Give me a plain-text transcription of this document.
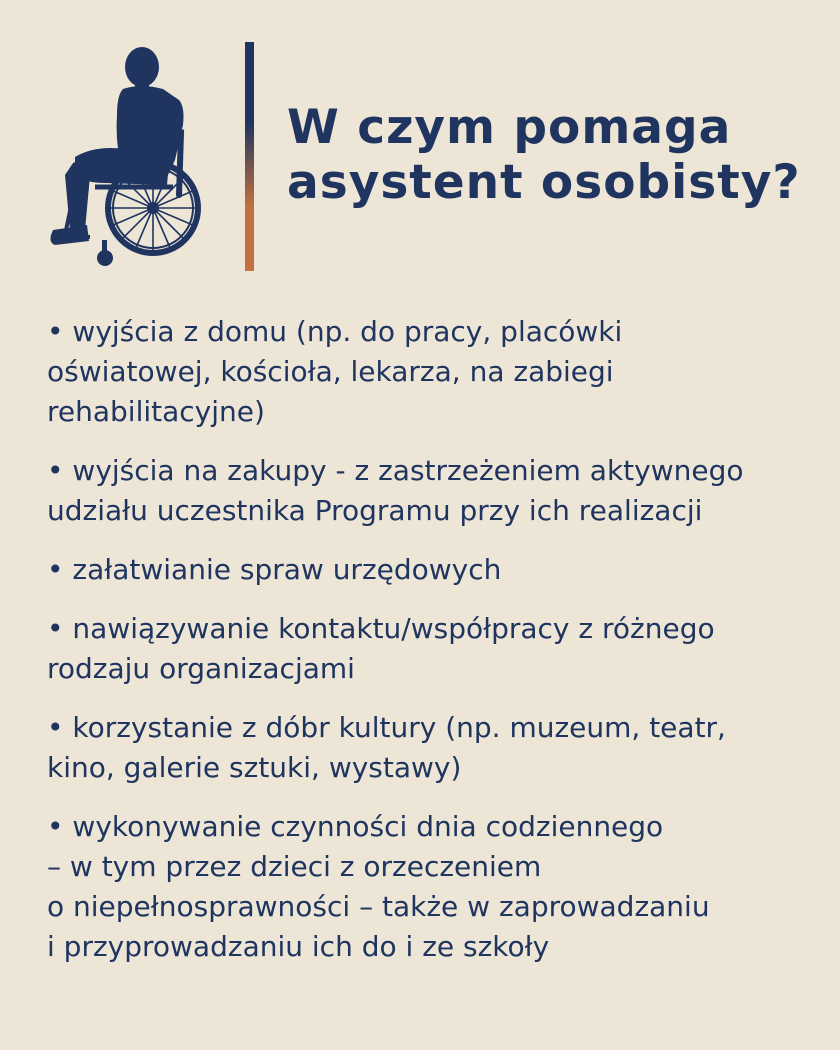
W czym pomaga
asystent osobisty?
• wyjścia z domu (np. do pracy, placówki
oświatowej, kościoła, lekarza, na zabiegi
rehabilitacyjne)
• wyjścia na zakupy - z zastrzeżeniem aktywnego
udziału uczestnika Programu przy ich realizacji
• załatwianie spraw urzędowych
• nawiązywanie kontaktu/współpracy z różnego
rodzaju organizacjami
• korzystanie z dóbr kultury (np. muzeum, teatr,
kino, galerie sztuki, wystawy)
• wykonywanie czynności dnia codziennego
– w tym przez dzieci z orzeczeniem
o niepełnosprawności – także w zaprowadzaniu
i przyprowadzaniu ich do i ze szkoły
